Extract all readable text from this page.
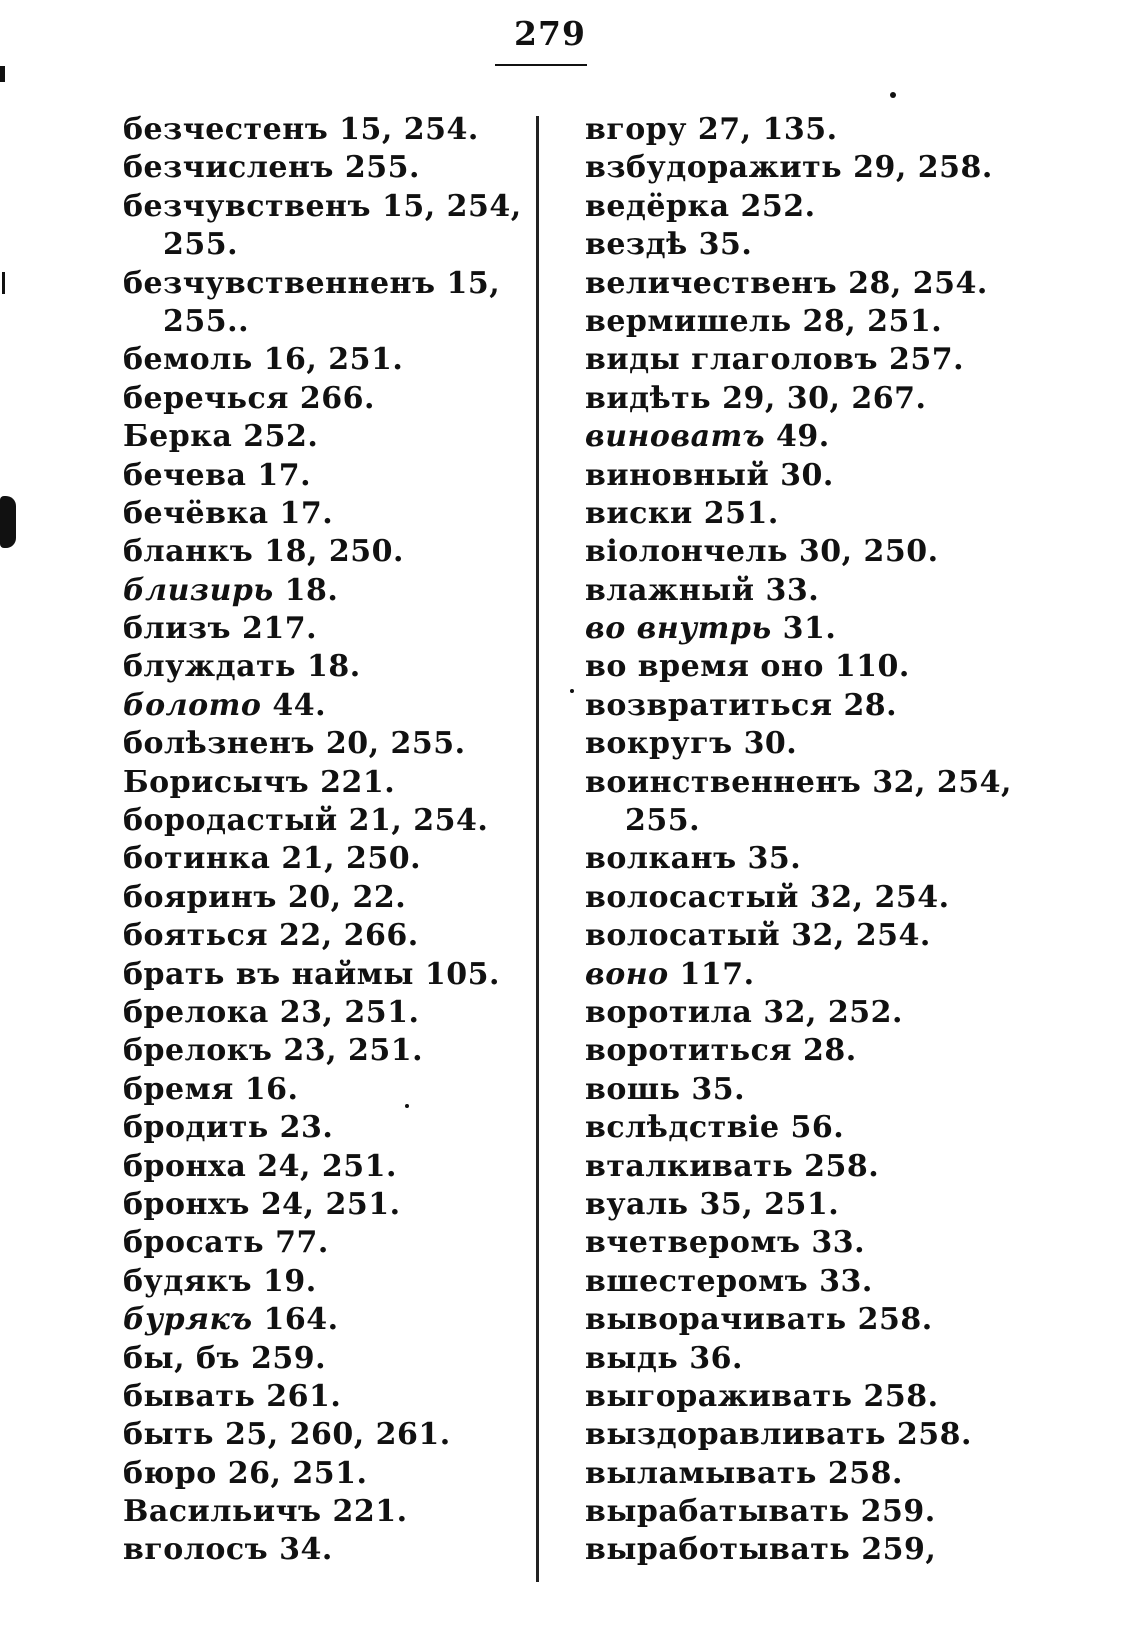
279
безчестенъ 15, 254.
безчисленъ 255.
безчувственъ 15, 254,
255.
безчувственненъ 15,
255..
бемоль 16, 251.
беречься 266.
Берка 252.
бечева 17.
бечёвка 17.
бланкъ 18, 250.
близирь 18.
близъ 217.
блуждать 18.
болото 44.
болѣзненъ 20, 255.
Борисычъ 221.
бородастый 21, 254.
ботинка 21, 250.
бояринъ 20, 22.
бояться 22, 266.
брать въ наймы 105.
брелока 23, 251.
брелокъ 23, 251.
бремя 16.
бродить 23.
бронха 24, 251.
бронхъ 24, 251.
бросать 77.
будякъ 19.
бурякъ 164.
бы, бъ 259.
бывать 261.
быть 25, 260, 261.
бюро 26, 251.
Васильичъ 221.
вголосъ 34.
вгору 27, 135.
взбудоражить 29, 258.
ведёрка 252.
вездѣ 35.
величественъ 28, 254.
вермишель 28, 251.
виды глаголовъ 257.
видѣть 29, 30, 267.
виноватъ 49.
виновный 30.
виски 251.
віолончель 30, 250.
влажный 33.
во внутрь 31.
во время оно 110.
возвратиться 28.
вокругъ 30.
воинственненъ 32, 254,
255.
волканъ 35.
волосастый 32, 254.
волосатый 32, 254.
воно 117.
воротила 32, 252.
воротиться 28.
вошь 35.
вслѣдствіе 56.
вталкивать 258.
вуаль 35, 251.
вчетверомъ 33.
вшестеромъ 33.
выворачивать 258.
выдь 36.
выгораживать 258.
выздоравливать 258.
выламывать 258.
вырабатывать 259.
выработывать 259,
